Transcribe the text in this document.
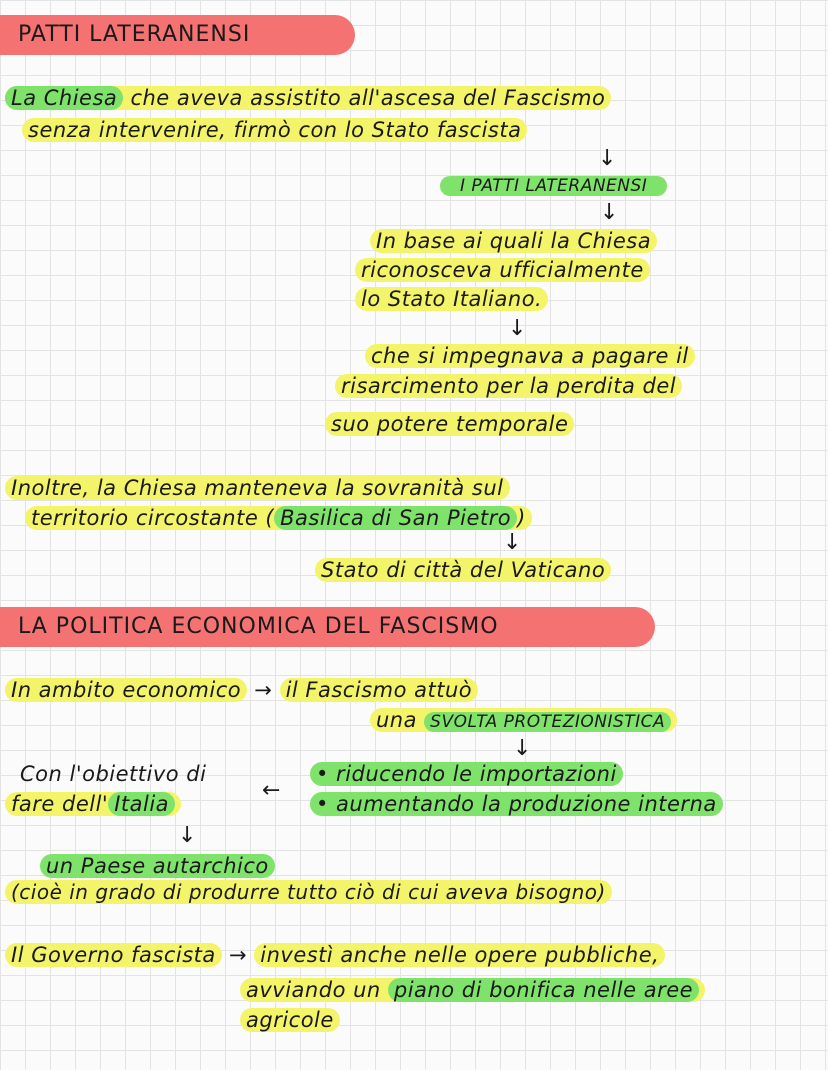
PATTI LATERANENSI
La Chiesa che aveva assistito all'ascesa del Fascismo
senza intervenire, firmò con lo Stato fascista
↓
I PATTI LATERANENSI
↓
In base ai quali la Chiesa
riconosceva ufficialmente
lo Stato Italiano.
↓
che si impegnava a pagare il
risarcimento per la perdita del
suo potere temporale
Inoltre, la Chiesa manteneva la sovranità sul
territorio circostante ( Basilica di San Pietro )
↓
Stato di città del Vaticano
LA POLITICA ECONOMICA DEL FASCISMO
In ambito economico → il Fascismo attuò
una SVOLTA PROTEZIONISTICA
↓
Con l'obiettivo di
fare dell' Italia
←
• riducendo le importazioni
• aumentando la produzione interna
↓
un Paese autarchico
(cioè in grado di produrre tutto ciò di cui aveva bisogno)
Il Governo fascista → investì anche nelle opere pubbliche,
avviando un piano di bonifica nelle aree
agricole
